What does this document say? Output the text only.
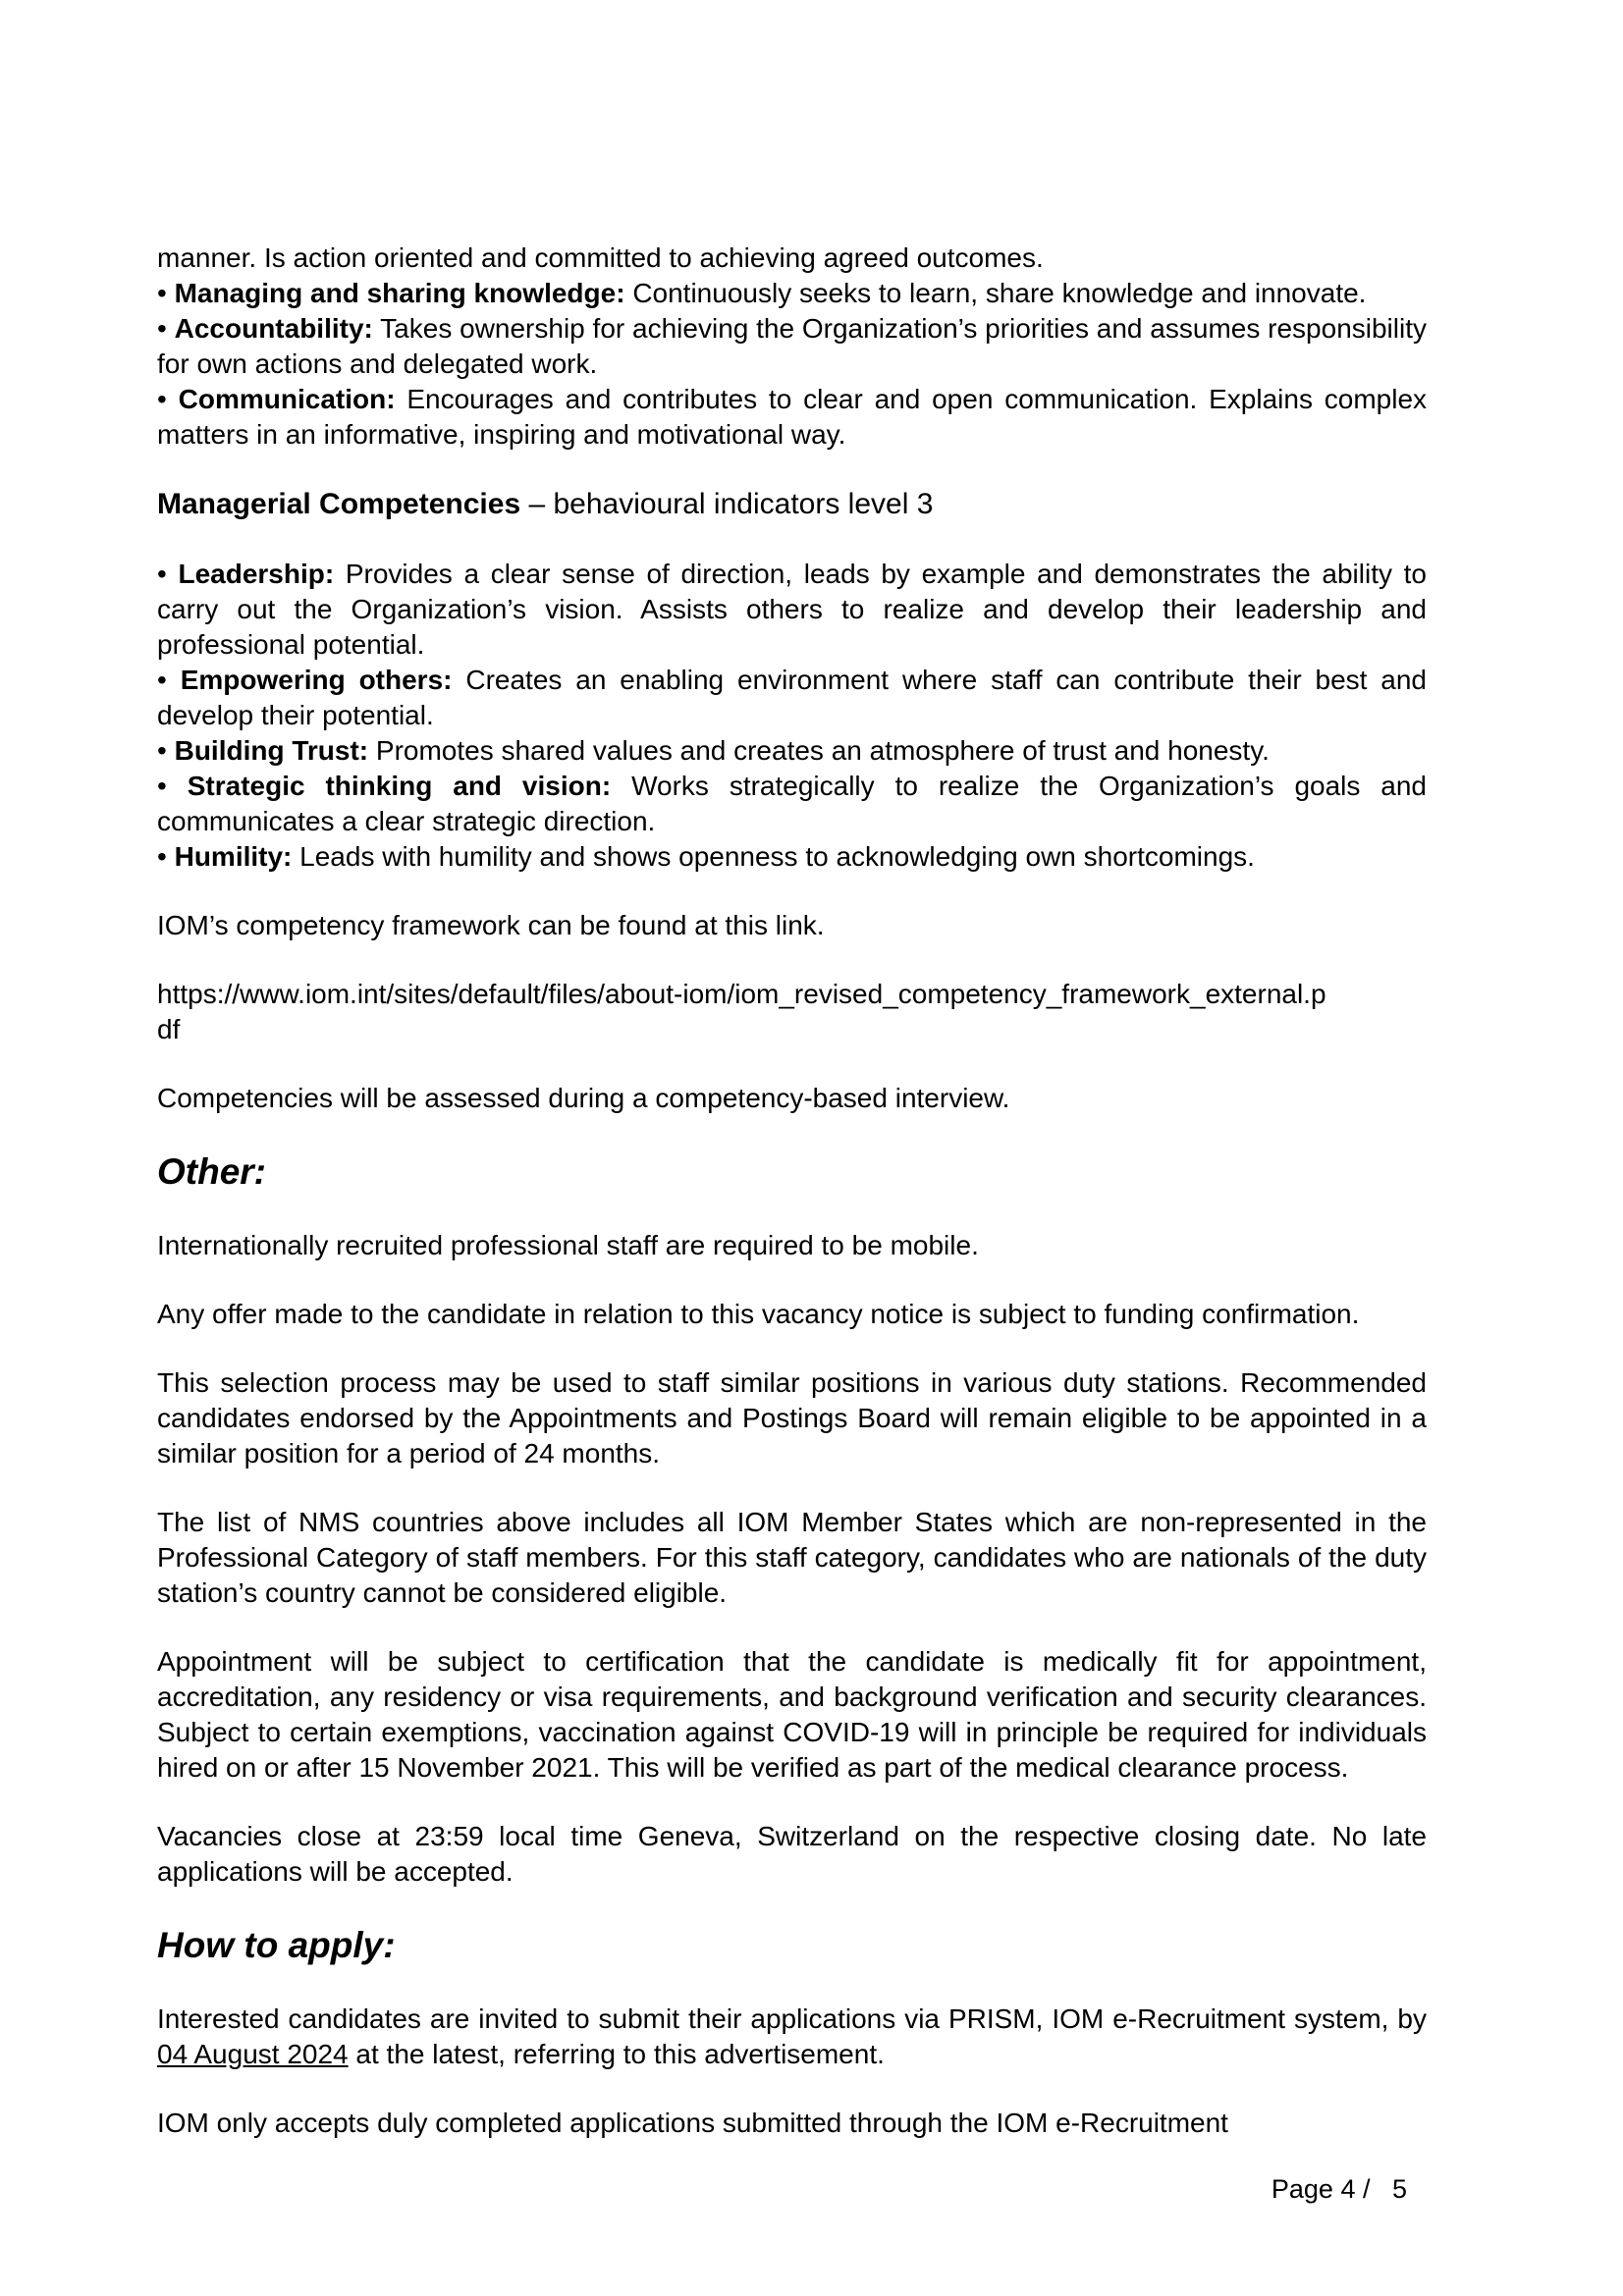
manner. Is action oriented and committed to achieving agreed outcomes.

• Managing and sharing knowledge: Continuously seeks to learn, share knowledge and innovate.

• Accountability: Takes ownership for achieving the Organization’s priorities and assumes responsibility for own actions and delegated work.

• Communication: Encourages and contributes to clear and open communication. Explains complex matters in an informative, inspiring and motivational way.

Managerial Competencies – behavioural indicators level 3

• Leadership: Provides a clear sense of direction, leads by example and demonstrates the ability to carry out the Organization’s vision. Assists others to realize and develop their leadership and professional potential.

• Empowering others: Creates an enabling environment where staff can contribute their best and develop their potential.

• Building Trust: Promotes shared values and creates an atmosphere of trust and honesty.

• Strategic thinking and vision: Works strategically to realize the Organization’s goals and communicates a clear strategic direction.

• Humility: Leads with humility and shows openness to acknowledging own shortcomings.

IOM’s competency framework can be found at this link.

https://www.iom.int/sites/default/files/about-iom/iom_revised_competency_framework_external.p
df

Competencies will be assessed during a competency-based interview.

Other:

Internationally recruited professional staff are required to be mobile.

Any offer made to the candidate in relation to this vacancy notice is subject to funding confirmation.

This selection process may be used to staff similar positions in various duty stations. Recommended candidates endorsed by the Appointments and Postings Board will remain eligible to be appointed in a similar position for a period of 24 months.

The list of NMS countries above includes all IOM Member States which are non-represented in the Professional Category of staff members. For this staff category, candidates who are nationals of the duty station’s country cannot be considered eligible.

Appointment will be subject to certification that the candidate is medically fit for appointment, accreditation, any residency or visa requirements, and background verification and security clearances. Subject to certain exemptions, vaccination against COVID-19 will in principle be required for individuals hired on or after 15 November 2021. This will be verified as part of the medical clearance process.

Vacancies close at 23:59 local time Geneva, Switzerland on the respective closing date. No late applications will be accepted.

How to apply:

Interested candidates are invited to submit their applications via PRISM, IOM e-Recruitment system, by 04 August 2024 at the latest, referring to this advertisement.

IOM only accepts duly completed applications submitted through the IOM e-Recruitment

Page 4 /   5
